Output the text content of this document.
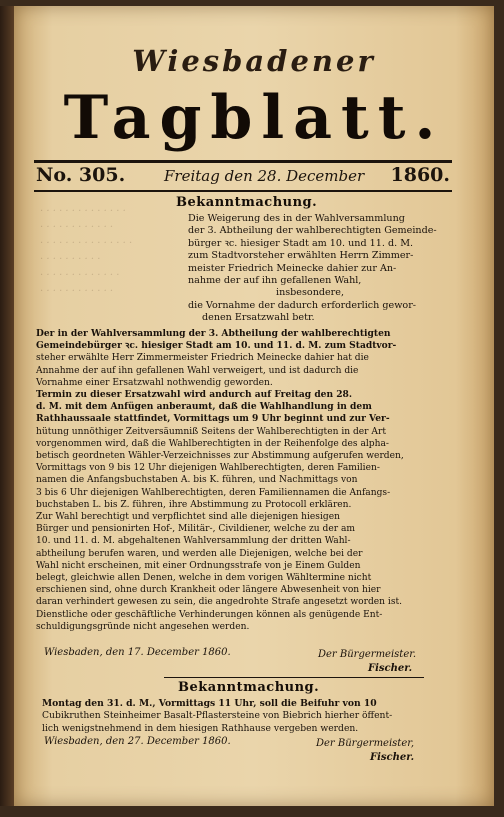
Wiesbadener
Tagblatt.
No. 305.	Freitag den 28. December 1860.
· · · · · · · · · · · · · ·
· · · · · · · · · · · ·
· · · · · · · · · · · · · · ·
· · · · · · · · · ·
· · · · · · · · · · · · ·
· · · · · · · · · · · ·
Bekanntmachung.
Die Weigerung des in der Wahlversammlung
der 3. Abtheilung der wahlberechtigten Gemeinde-
bürger ꝛc. hiesiger Stadt am 10. und 11. d. M.
zum Stadtvorsteher erwählten Herrn Zimmer-
meister Friedrich Meinecke dahier zur An-
nahme der auf ihn gefallenen Wahl,
insbesondere,
die Vornahme der dadurch erforderlich gewor-
denen Ersatzwahl betr.
Der in der Wahlversammlung der 3. Abtheilung der wahlberechtigten
Gemeindebürger ꝛc. hiesiger Stadt am 10. und 11. d. M. zum Stadtvor-
steher erwählte Herr Zimmermeister Friedrich Meinecke dahier hat die
Annahme der auf ihn gefallenen Wahl verweigert, und ist dadurch die
Vornahme einer Ersatzwahl nothwendig geworden.
Termin zu dieser Ersatzwahl wird andurch auf Freitag den 28.
d. M. mit dem Anfügen anberaumt, daß die Wahlhandlung in dem
Rathhaussaale stattfindet, Vormittags um 9 Uhr beginnt und zur Ver-
hütung unnöthiger Zeitversäumniß Seitens der Wahlberechtigten in der Art
vorgenommen wird, daß die Wahlberechtigten in der Reihenfolge des alpha-
betisch geordneten Wähler-Verzeichnisses zur Abstimmung aufgerufen werden,
Vormittags von 9 bis 12 Uhr diejenigen Wahlberechtigten, deren Familien-
namen die Anfangsbuchstaben A. bis K. führen, und Nachmittags von
3 bis 6 Uhr diejenigen Wahlberechtigten, deren Familiennamen die Anfangs-
buchstaben L. bis Z. führen, ihre Abstimmung zu Protocoll erklären.
Zur Wahl berechtigt und verpflichtet sind alle diejenigen hiesigen
Bürger und pensionirten Hof-, Militär-, Civildiener, welche zu der am
10. und 11. d. M. abgehaltenen Wahlversammlung der dritten Wahl-
abtheilung berufen waren, und werden alle Diejenigen, welche bei der
Wahl nicht erscheinen, mit einer Ordnungsstrafe von je Einem Gulden
belegt, gleichwie allen Denen, welche in dem vorigen Wähltermine nicht
erschienen sind, ohne durch Krankheit oder längere Abwesenheit von hier
daran verhindert gewesen zu sein, die angedrohte Strafe angesetzt worden ist.
Dienstliche oder geschäftliche Verhinderungen können als genügende Ent-
schuldigungsgründe nicht angesehen werden.
Wiesbaden, den 17. December 1860.	Der Bürgermeister.
Fischer.
Bekanntmachung.
Montag den 31. d. M., Vormittags 11 Uhr, soll die Beifuhr von 10
Cubikruthen Steinheimer Basalt-Pflastersteine von Biebrich hierher öffent-
lich wenigstnehmend in dem hiesigen Rathhause vergeben werden.
Wiesbaden, den 27. December 1860.	Der Bürgermeister,
Fischer.
